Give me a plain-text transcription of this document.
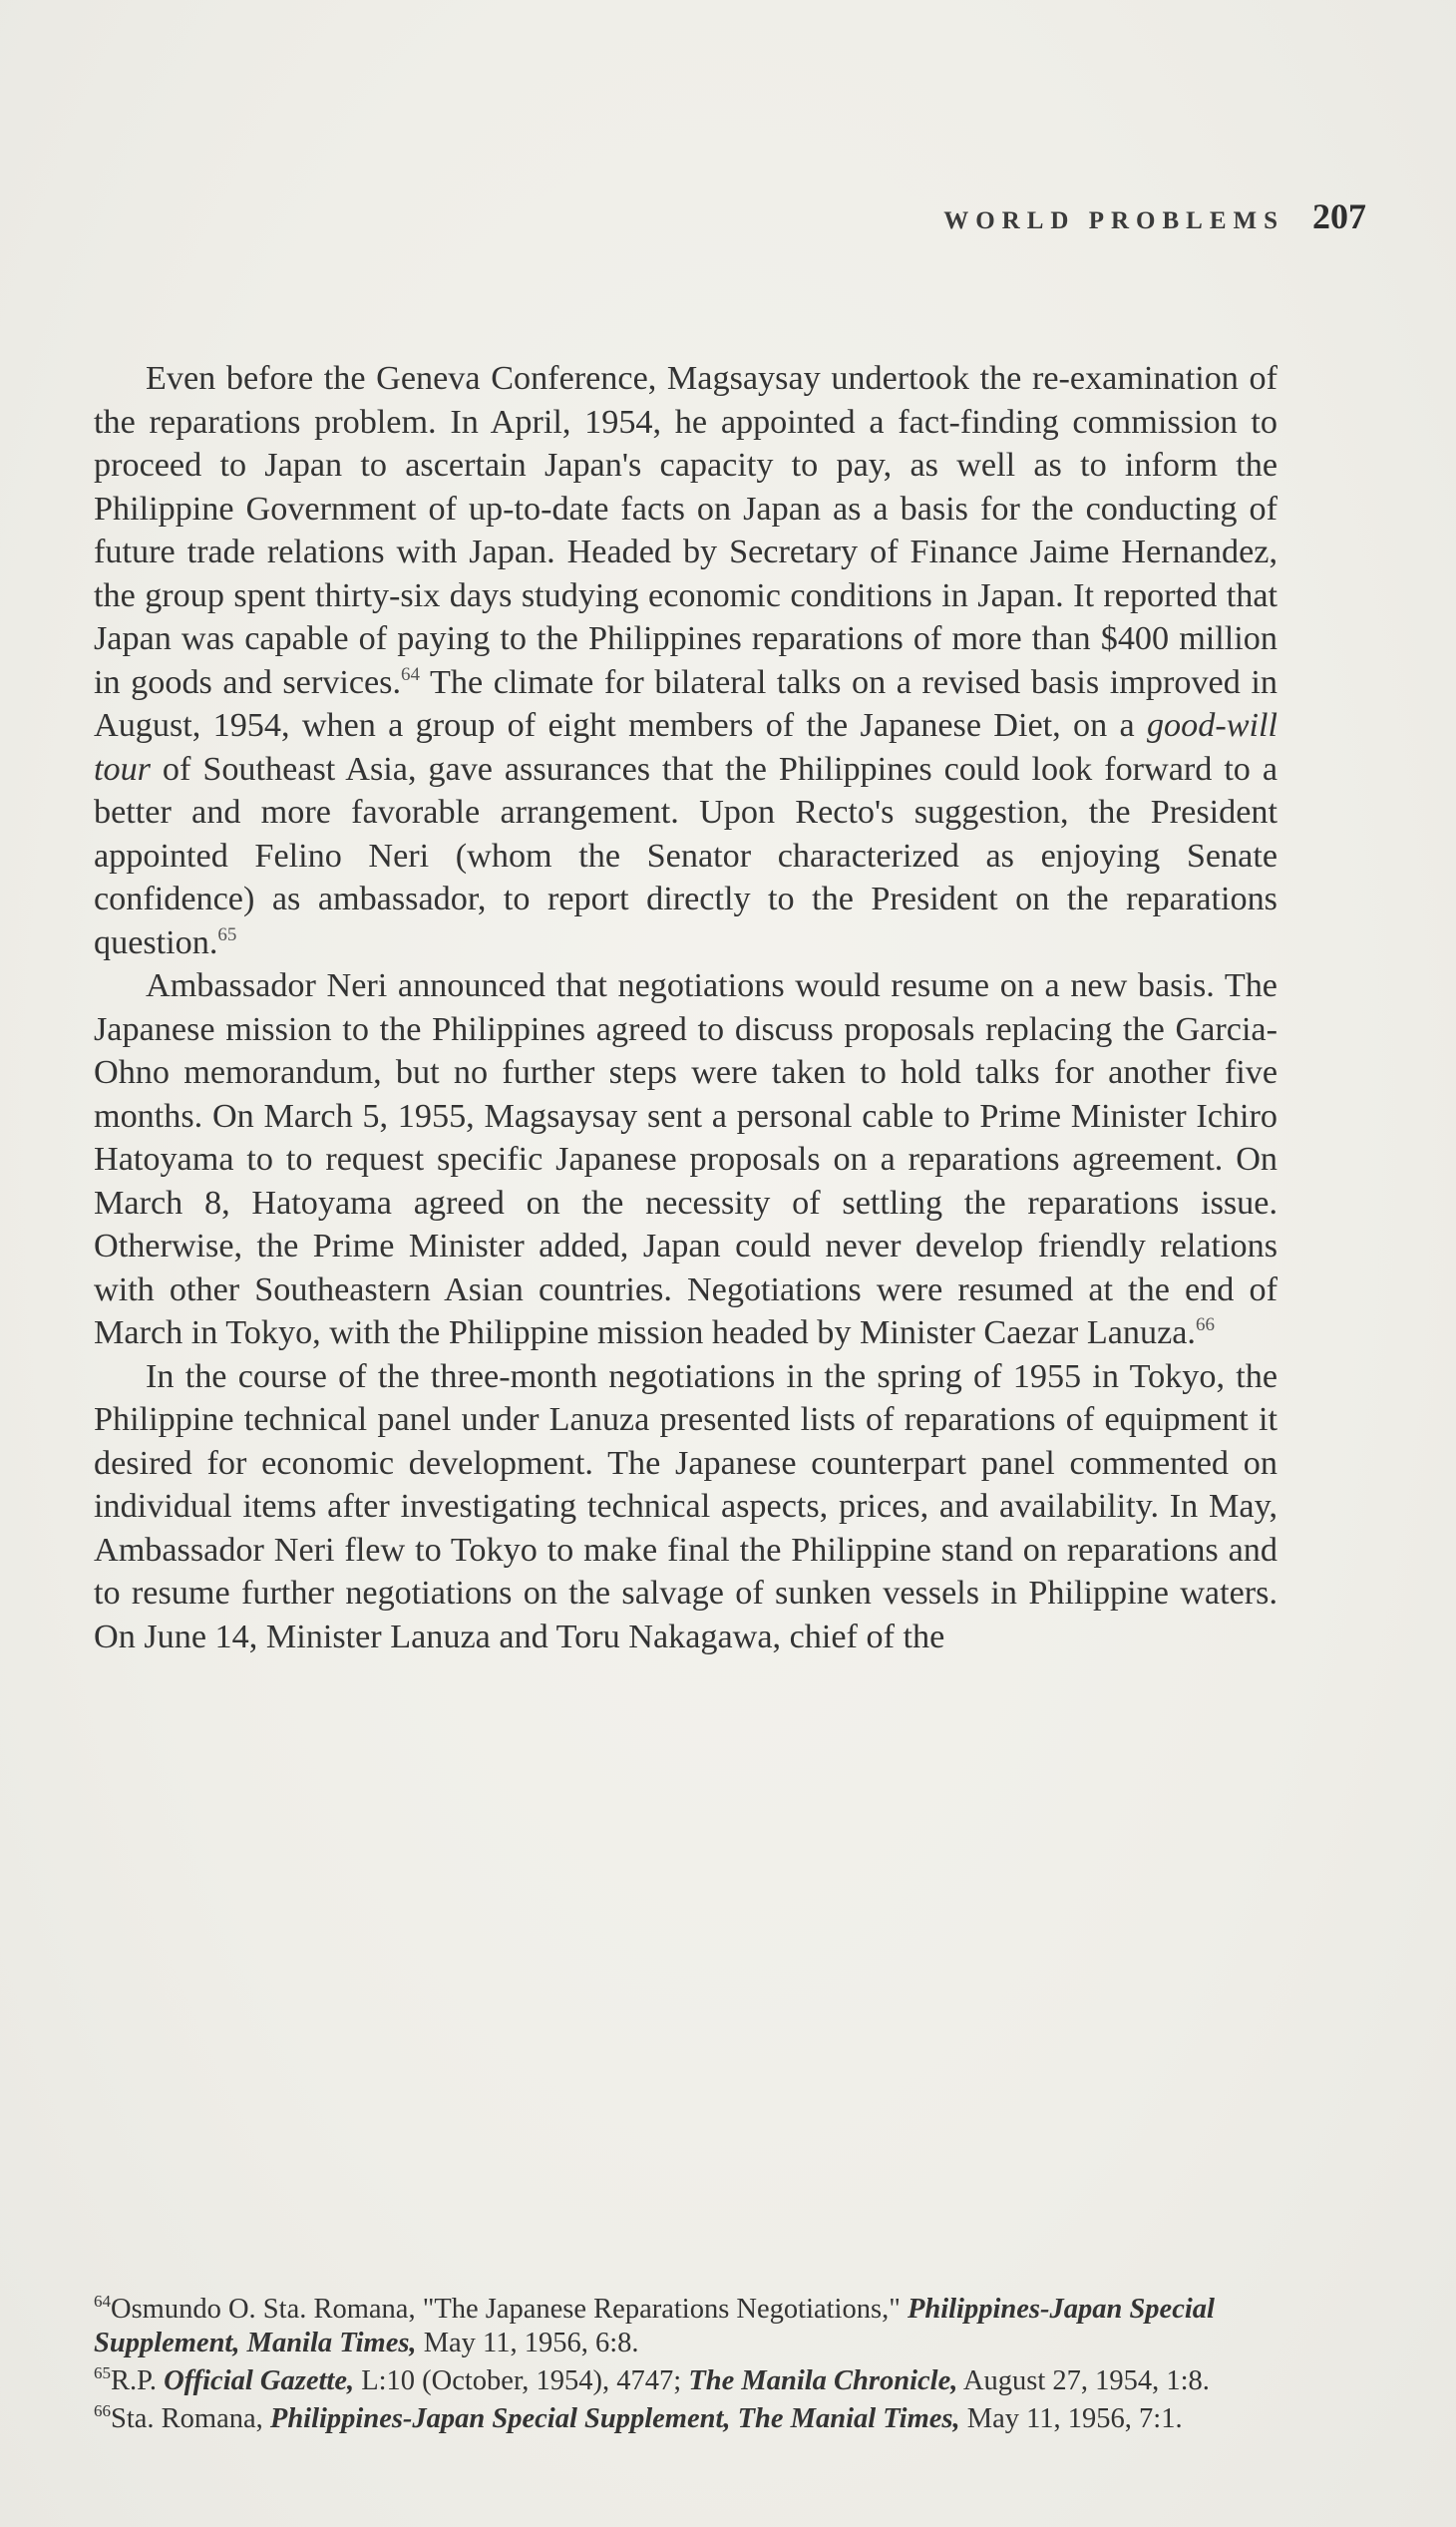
WORLD PROBLEMS 207

Even before the Geneva Conference, Magsaysay undertook the re-examination of the reparations problem. In April, 1954, he appointed a fact-finding commission to proceed to Japan to ascertain Japan's capacity to pay, as well as to inform the Philippine Government of up-to-date facts on Japan as a basis for the conducting of future trade relations with Japan. Headed by Secretary of Finance Jaime Hernandez, the group spent thirty-six days studying economic conditions in Japan. It reported that Japan was capable of paying to the Philippines reparations of more than $400 million in goods and services.$^{64}$ The climate for bilateral talks on a revised basis improved in August, 1954, when a group of eight members of the Japanese Diet, on a good-will tour of Southeast Asia, gave assurances that the Philippines could look forward to a better and more favorable arrangement. Upon Recto's suggestion, the President appointed Felino Neri (whom the Senator characterized as enjoying Senate confidence) as ambassador, to report directly to the President on the reparations question.$^{65}$

Ambassador Neri announced that negotiations would resume on a new basis. The Japanese mission to the Philippines agreed to discuss proposals replacing the Garcia-Ohno memorandum, but no further steps were taken to hold talks for another five months. On March 5, 1955, Magsaysay sent a personal cable to Prime Minister Ichiro Hatoyama to to request specific Japanese proposals on a reparations agreement. On March 8, Hatoyama agreed on the necessity of settling the reparations issue. Otherwise, the Prime Minister added, Japan could never develop friendly relations with other Southeastern Asian countries. Negotiations were resumed at the end of March in Tokyo, with the Philippine mission headed by Minister Caezar Lanuza.$^{66}$

In the course of the three-month negotiations in the spring of 1955 in Tokyo, the Philippine technical panel under Lanuza presented lists of reparations of equipment it desired for economic development. The Japanese counterpart panel commented on individual items after investigating technical aspects, prices, and availability. In May, Ambassador Neri flew to Tokyo to make final the Philippine stand on reparations and to resume further negotiations on the salvage of sunken vessels in Philippine waters. On June 14, Minister Lanuza and Toru Nakagawa, chief of the

$^{64}$Osmundo O. Sta. Romana, "The Japanese Reparations Negotiations," Philippines-Japan Special Supplement, Manila Times, May 11, 1956, 6:8.
$^{65}$R.P. Official Gazette, L:10 (October, 1954), 4747; The Manila Chronicle, August 27, 1954, 1:8.
$^{66}$Sta. Romana, Philippines-Japan Special Supplement, The Manial Times, May 11, 1956, 7:1.
